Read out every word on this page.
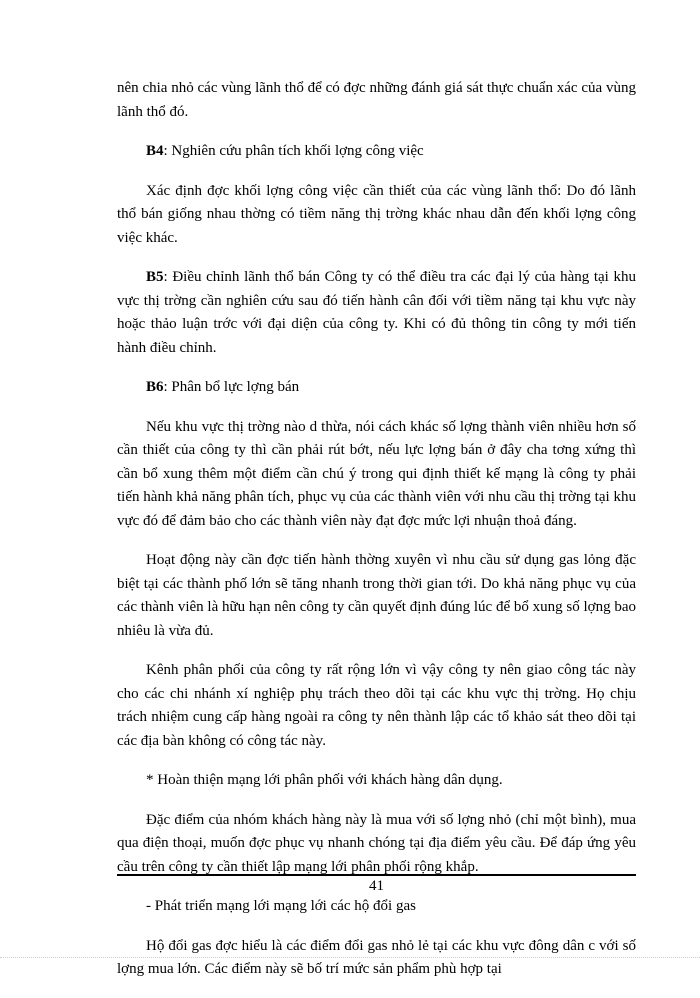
nên chia nhỏ các vùng lãnh thổ để có đợc những đánh giá sát thực chuẩn xác của vùng lãnh thổ đó.

B4: Nghiên cứu phân tích khối lợng công việc

Xác định đợc khối lợng công việc cần thiết của các vùng lãnh thổ: Do đó lãnh thổ bán giống nhau thờng có tiềm năng thị trờng khác nhau dẫn đến khối lợng công việc khác.

B5: Điều chỉnh lãnh thổ bán Công ty có thể điều tra các đại lý của hàng tại khu vực thị trờng cần nghiên cứu sau đó tiến hành cân đối với tiềm năng tại khu vực này hoặc thảo luận trớc với đại diện của công ty. Khi có đủ thông tin công ty mới tiến hành điều chỉnh.

B6: Phân bổ lực lợng bán

Nếu khu vực thị trờng nào d thừa, nói cách khác số lợng thành viên nhiều hơn số cần thiết của công ty thì cần phải rút bớt, nếu lực lợng bán ở đây cha tơng xứng thì cần bổ xung thêm một điểm cần chú ý trong qui định thiết kế mạng là công ty phải tiến hành khả năng phân tích, phục vụ của các thành viên với nhu cầu thị trờng tại khu vực đó để đảm bảo cho các thành viên này đạt đợc mức lợi nhuận thoả đáng.

Hoạt động này cần đợc tiến hành thờng xuyên vì nhu cầu sử dụng gas lỏng đặc biệt tại các thành phố lớn sẽ tăng nhanh trong thời gian tới. Do khả năng phục vụ của các thành viên là hữu hạn nên công ty cần quyết định đúng lúc để bổ xung số lợng bao nhiêu là vừa đủ.

Kênh phân phối của công ty rất rộng lớn vì vậy công ty nên giao công tác này cho các chi nhánh xí nghiệp phụ trách theo dõi tại các khu vực thị trờng. Họ chịu trách nhiệm cung cấp hàng ngoài ra công ty nên thành lập các tổ khảo sát theo dõi tại các địa bàn không có công tác này.

* Hoàn thiện mạng lới phân phối với khách hàng dân dụng.

Đặc điểm của nhóm khách hàng này là mua với số lợng nhỏ (chỉ một bình), mua qua điện thoại, muốn đợc phục vụ nhanh chóng tại địa điểm yêu cầu. Để đáp ứng yêu cầu trên công ty cần thiết lập mạng lới phân phối rộng khắp.

- Phát triển mạng lới mạng lới các hộ đổi gas

Hộ đổi gas đợc hiểu là các điểm đổi gas nhỏ lẻ tại các khu vực đông dân c với số lợng mua lớn. Các điểm này sẽ bố trí mức sản phẩm phù hợp tại

41
